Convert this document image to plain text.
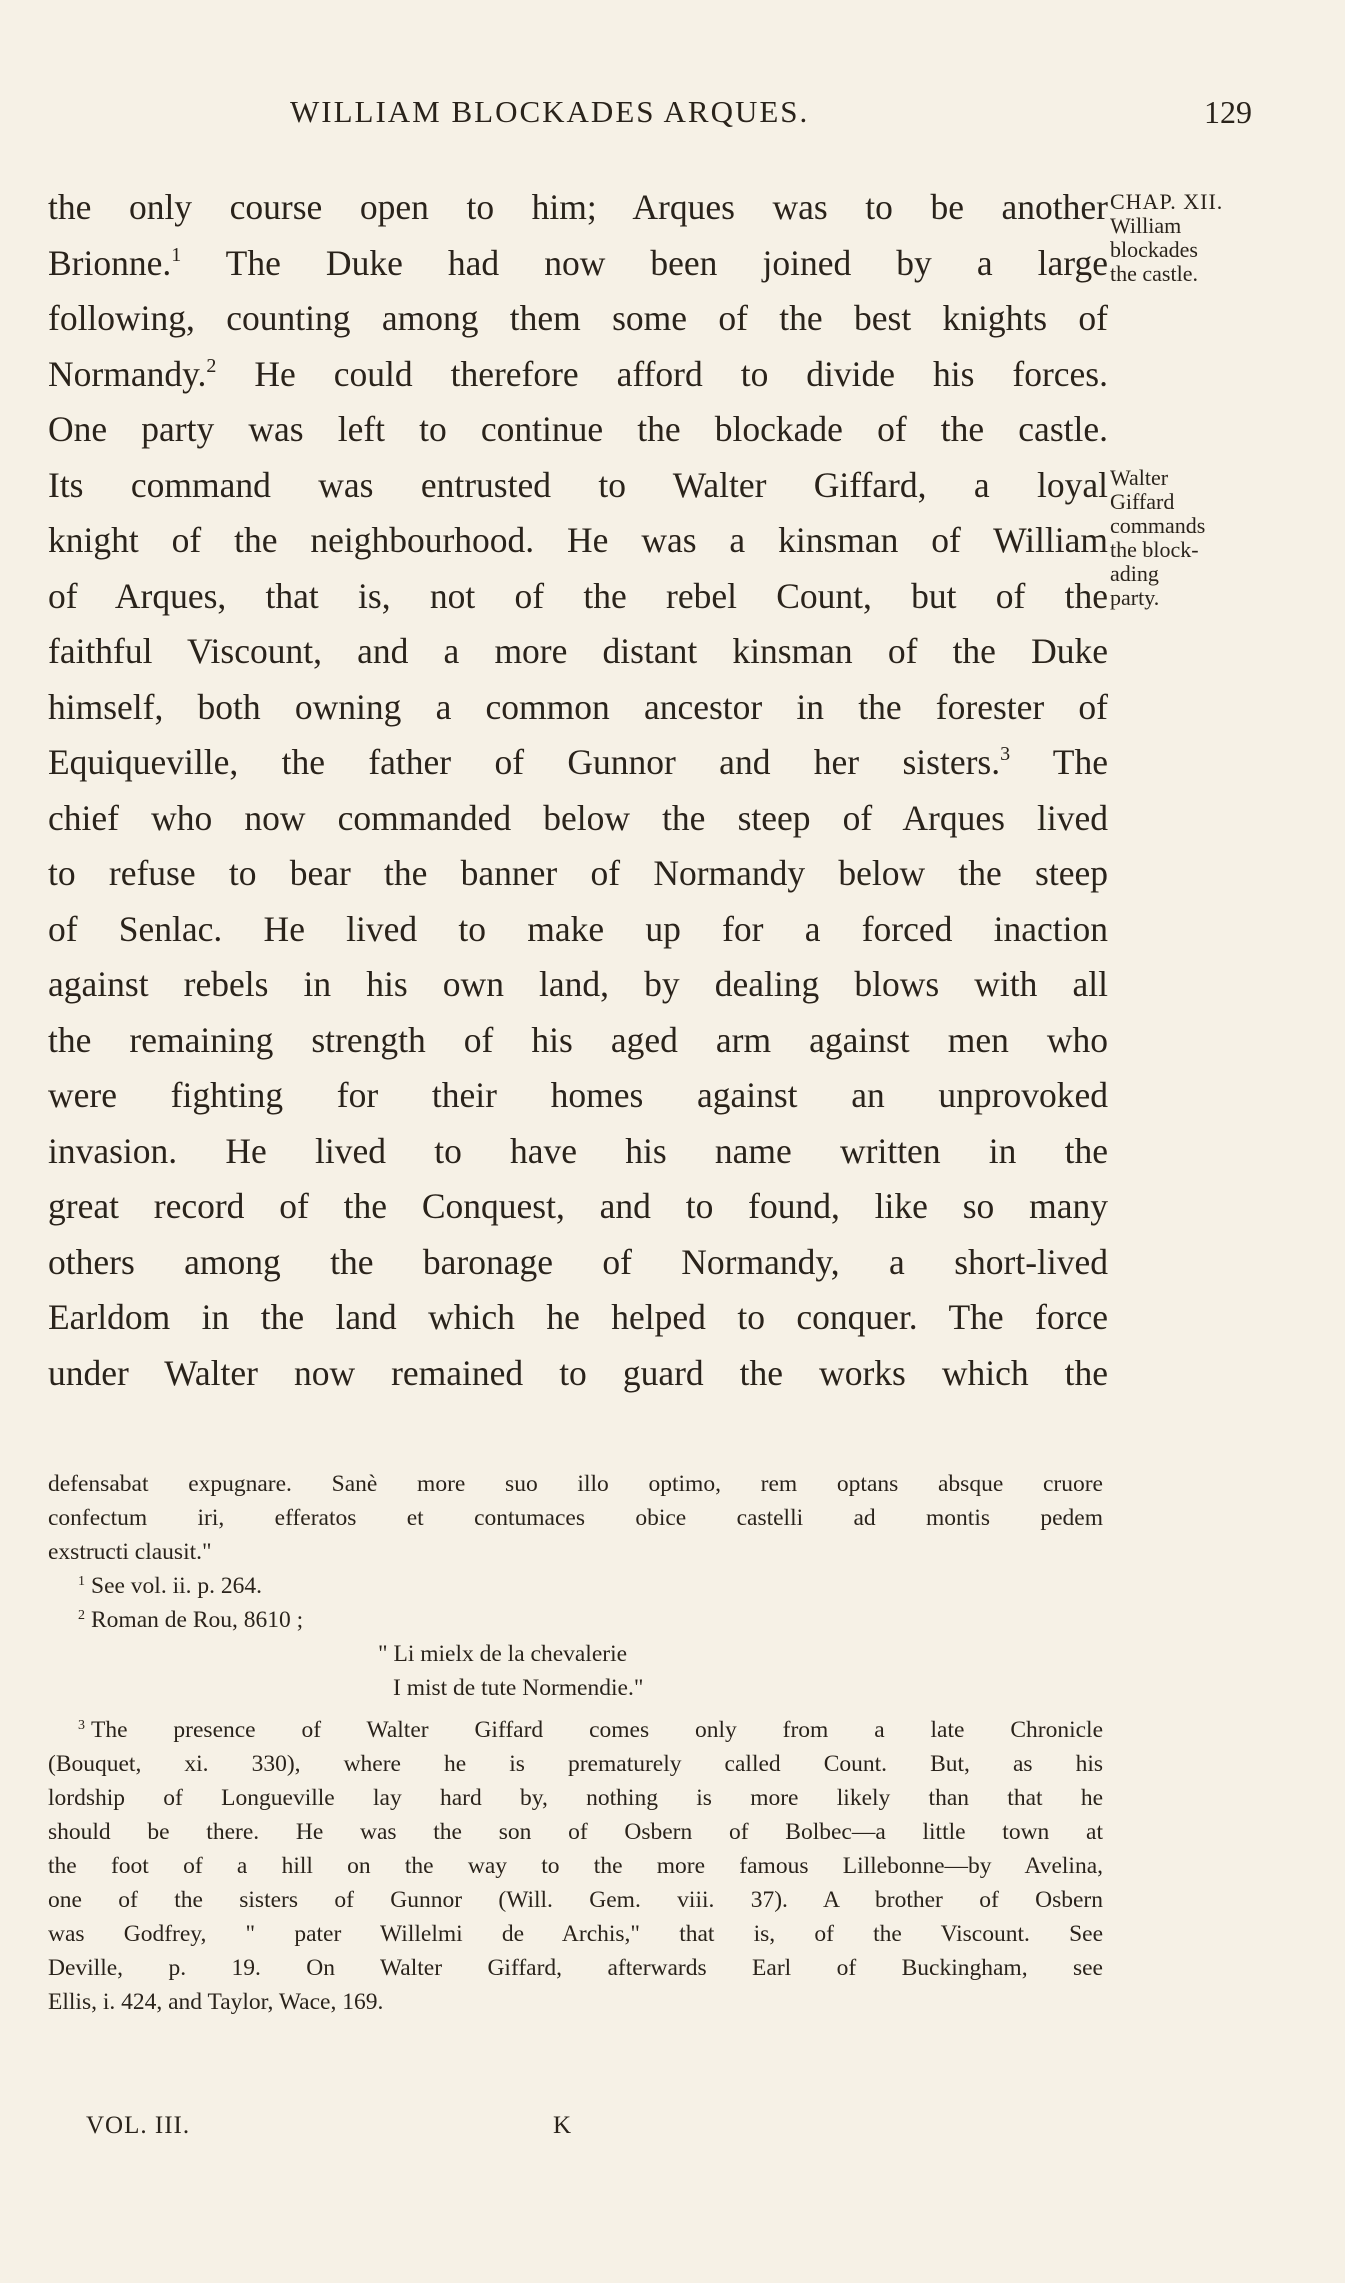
WILLIAM BLOCKADES ARQUES.	129
the only course open to him; Arques was to be another
Brionne.$^1$ The Duke had now been joined by a large
following, counting among them some of the best knights of
Normandy.$^2$ He could therefore afford to divide his forces.
One party was left to continue the blockade of the castle.
Its command was entrusted to Walter Giffard, a loyal
knight of the neighbourhood. He was a kinsman of William
of Arques, that is, not of the rebel Count, but of the
faithful Viscount, and a more distant kinsman of the Duke
himself, both owning a common ancestor in the forester of
Equiqueville, the father of Gunnor and her sisters.$^3$ The
chief who now commanded below the steep of Arques lived
to refuse to bear the banner of Normandy below the steep
of Senlac. He lived to make up for a forced inaction
against rebels in his own land, by dealing blows with all
the remaining strength of his aged arm against men who
were fighting for their homes against an unprovoked
invasion. He lived to have his name written in the
great record of the Conquest, and to found, like so many
others among the baronage of Normandy, a short-lived
Earldom in the land which he helped to conquer. The force
under Walter now remained to guard the works which the
CHAP. XII.
William
blockades
the castle.
Walter
Giffard
commands
the block-
ading
party.
defensabat expugnare. Sanè more suo illo optimo, rem optans absque cruore
confectum iri, efferatos et contumaces obice castelli ad montis pedem
exstructi clausit."
$^1$ See vol. ii. p. 264.
$^2$ Roman de Rou, 8610 ;
" Li mielx de la chevalerie
I mist de tute Normendie."
$^3$ The presence of Walter Giffard comes only from a late Chronicle
(Bouquet, xi. 330), where he is prematurely called Count. But, as his
lordship of Longueville lay hard by, nothing is more likely than that he
should be there. He was the son of Osbern of Bolbec—a little town at
the foot of a hill on the way to the more famous Lillebonne—by Avelina,
one of the sisters of Gunnor (Will. Gem. viii. 37). A brother of Osbern
was Godfrey, " pater Willelmi de Archis," that is, of the Viscount. See
Deville, p. 19. On Walter Giffard, afterwards Earl of Buckingham, see
Ellis, i. 424, and Taylor, Wace, 169.
VOL. III.	K
